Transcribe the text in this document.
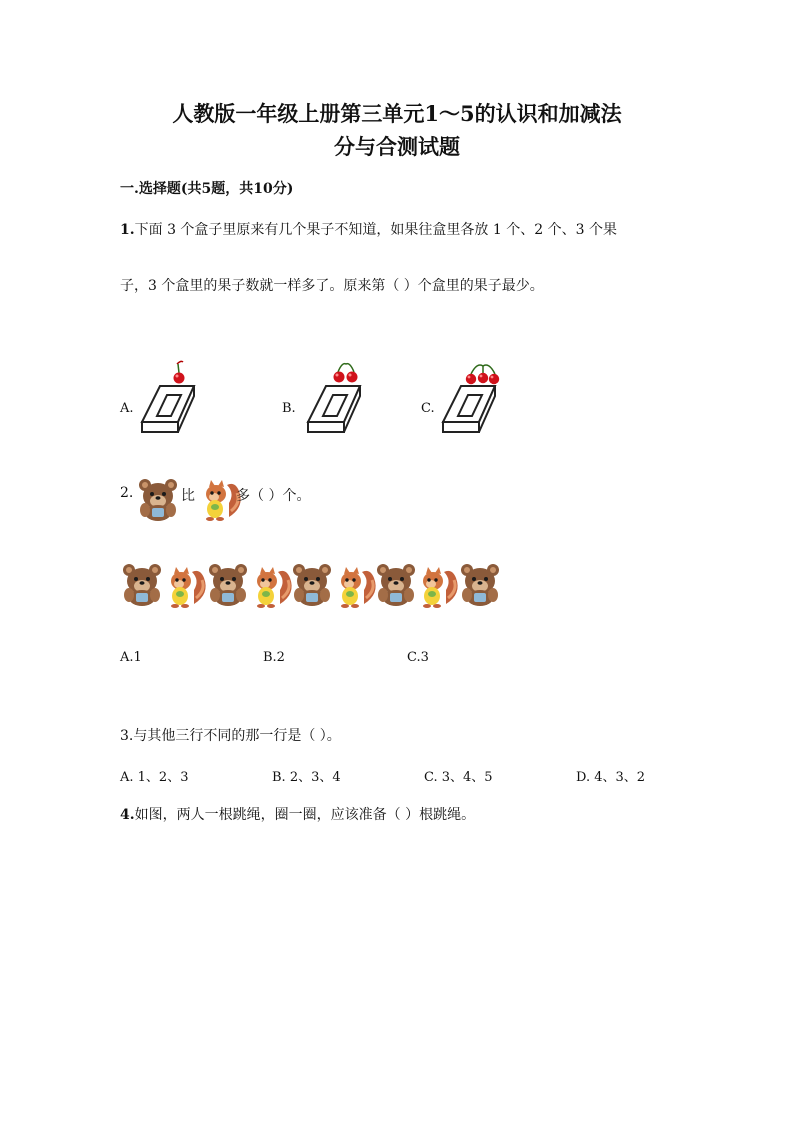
人教版一年级上册第三单元1～5的认识和加减法
分与合测试题
一.选择题(共5题，共10分)
1.下面 3 个盒子里原来有几个果子不知道，如果往盒里各放 1 个、2 个、3 个果
子，3 个盒里的果子数就一样多了。原来第（ ）个盒里的果子最少。
A.	B.	C.
2.	比	多（ ）个。
A.1	B.2	C.3
3.与其他三行不同的那一行是（ ）。
A. 1、2、3	B. 2、3、4	C. 3、4、5	D. 4、3、2
4.如图，两人一根跳绳，圈一圈，应该准备（ ）根跳绳。
